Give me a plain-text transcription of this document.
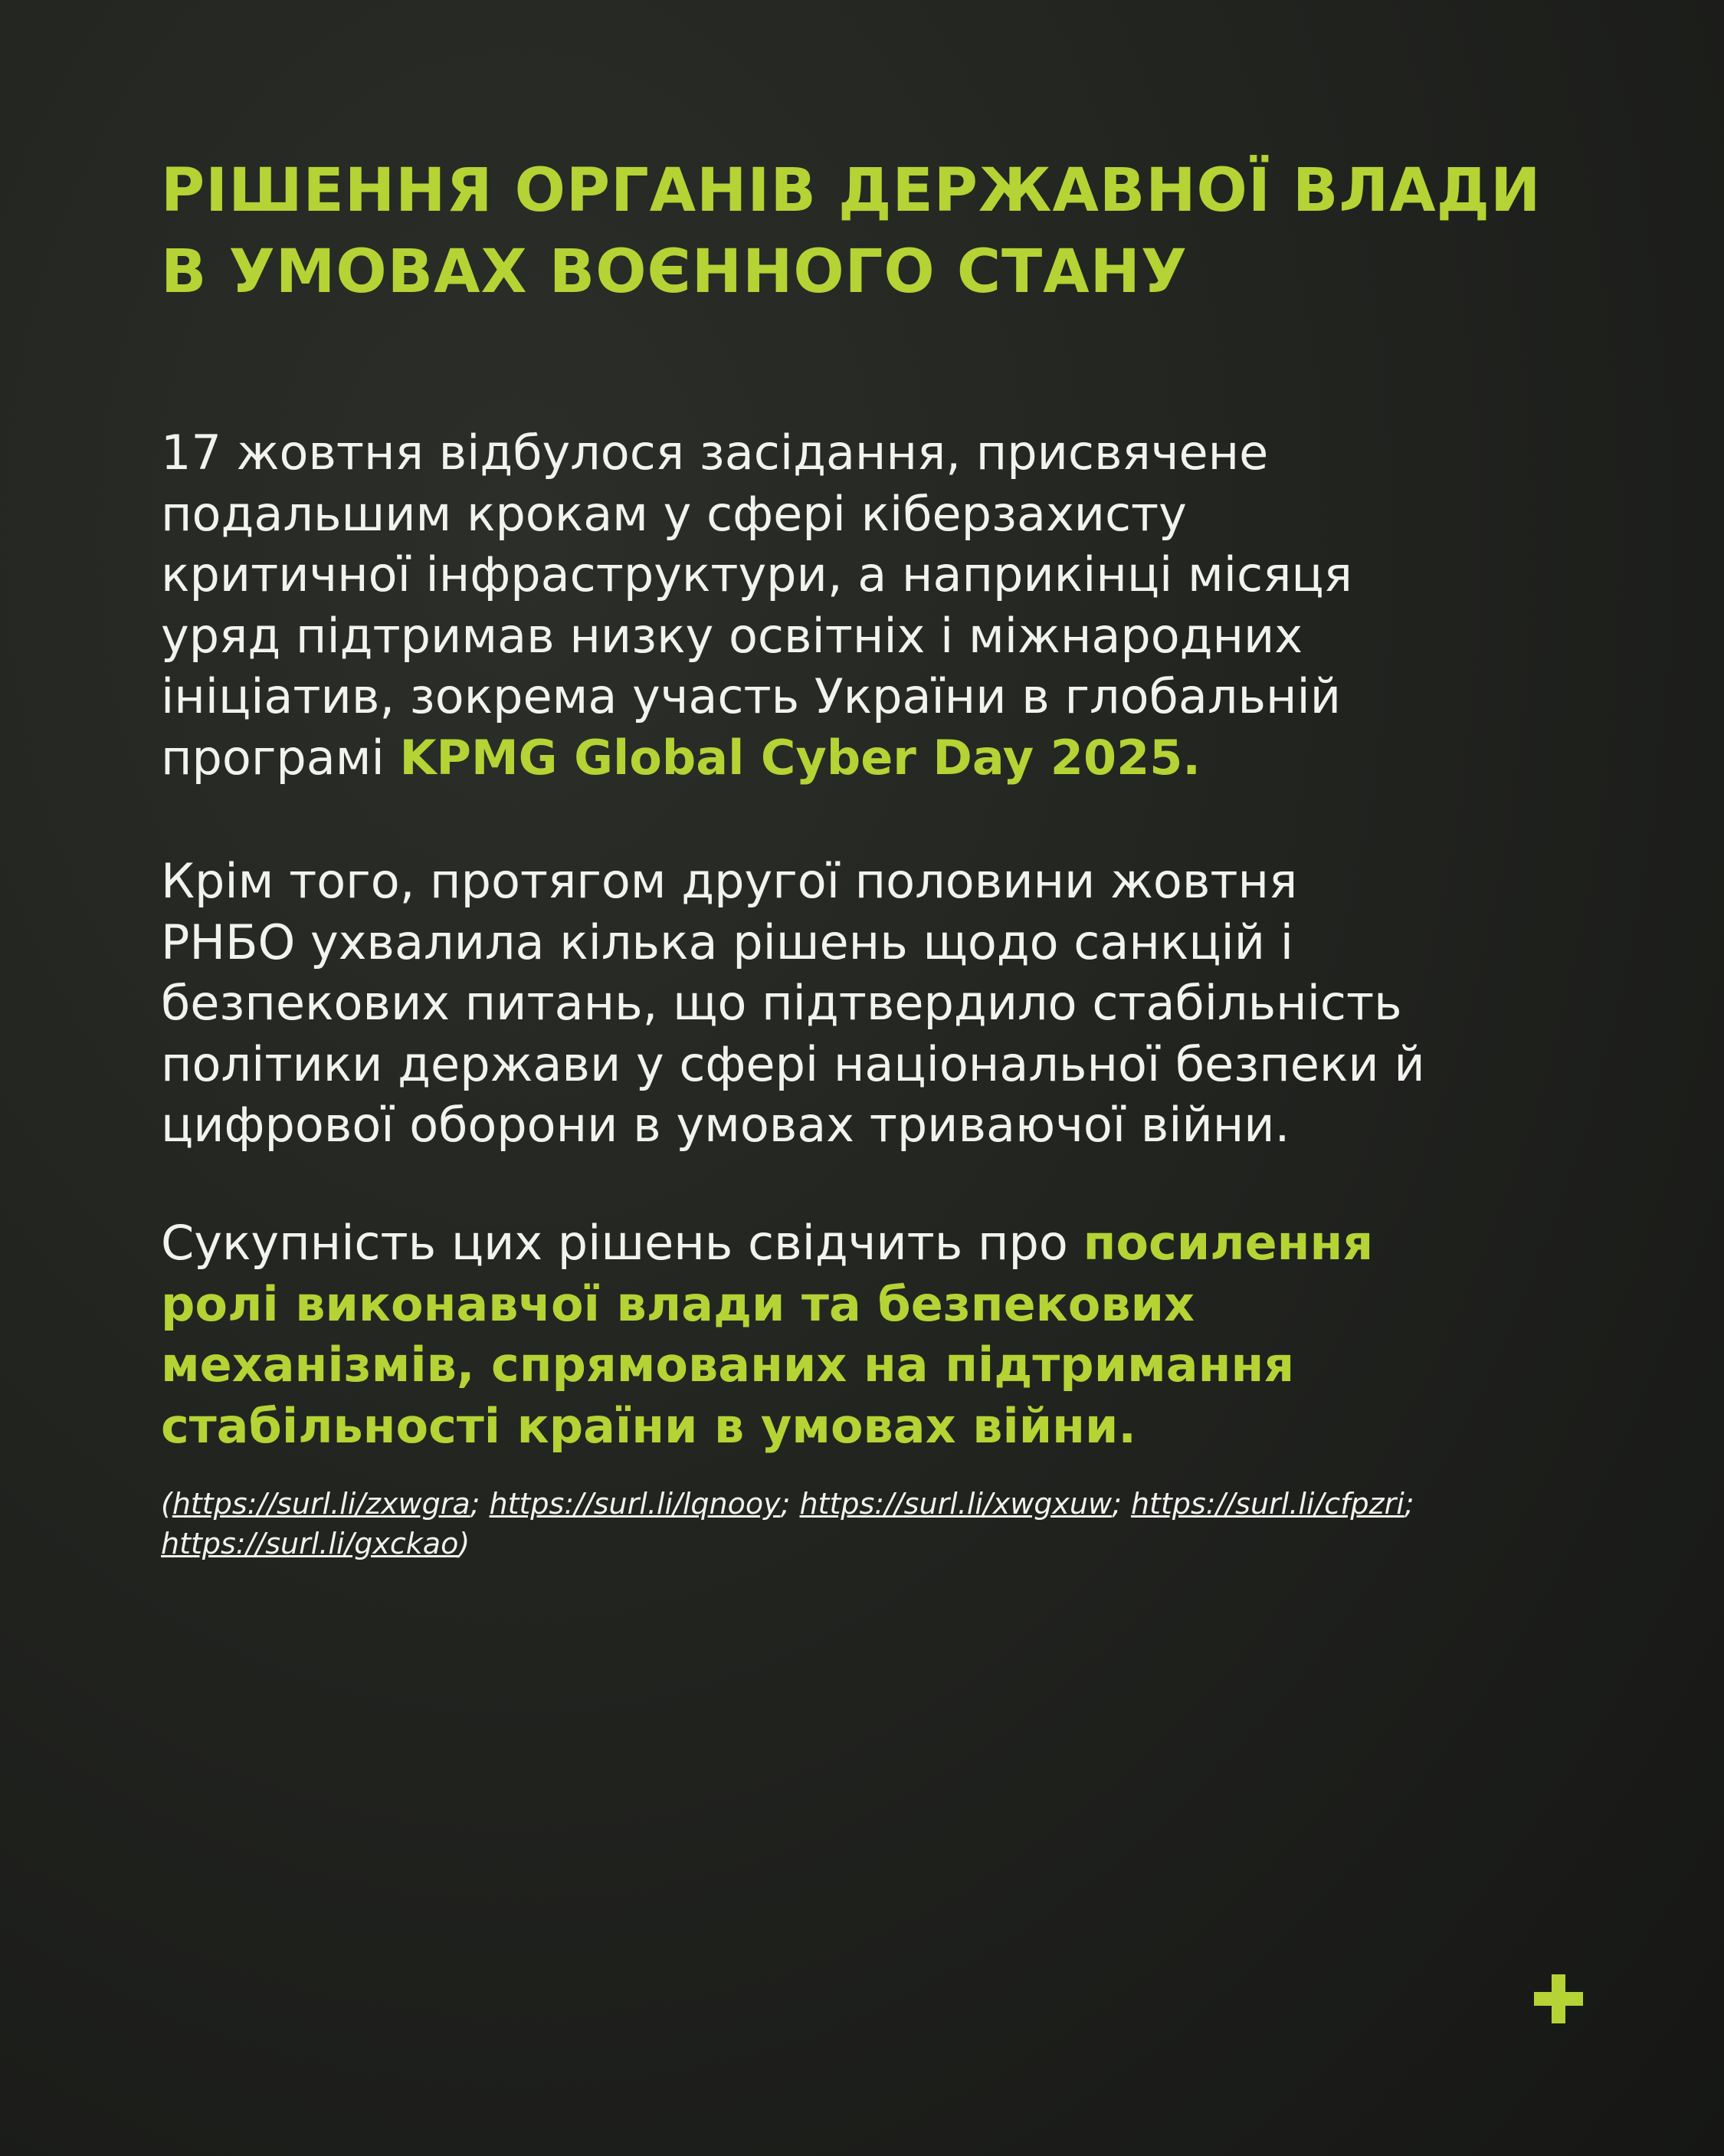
РІШЕННЯ ОРГАНІВ ДЕРЖАВНОЇ ВЛАДИ
В УМОВАХ ВОЄННОГО СТАНУ

17 жовтня відбулося засідання, присвячене
подальшим крокам у сфері кіберзахисту
критичної інфраструктури, а наприкінці місяця
уряд підтримав низку освітніх і міжнародних
ініціатив, зокрема участь України в глобальній
програмі KPMG Global Cyber Day 2025.

Крім того, протягом другої половини жовтня
РНБО ухвалила кілька рішень щодо санкцій і
безпекових питань, що підтвердило стабільність
політики держави у сфері національної безпеки й
цифрової оборони в умовах триваючої війни.

Сукупність цих рішень свідчить про посилення
ролі виконавчої влади та безпекових
механізмів, спрямованих на підтримання
стабільності країни в умовах війни.

(https://surl.li/zxwgra; https://surl.li/lqnooy; https://surl.li/xwgxuw; https://surl.li/cfpzri;
https://surl.li/gxckao)
